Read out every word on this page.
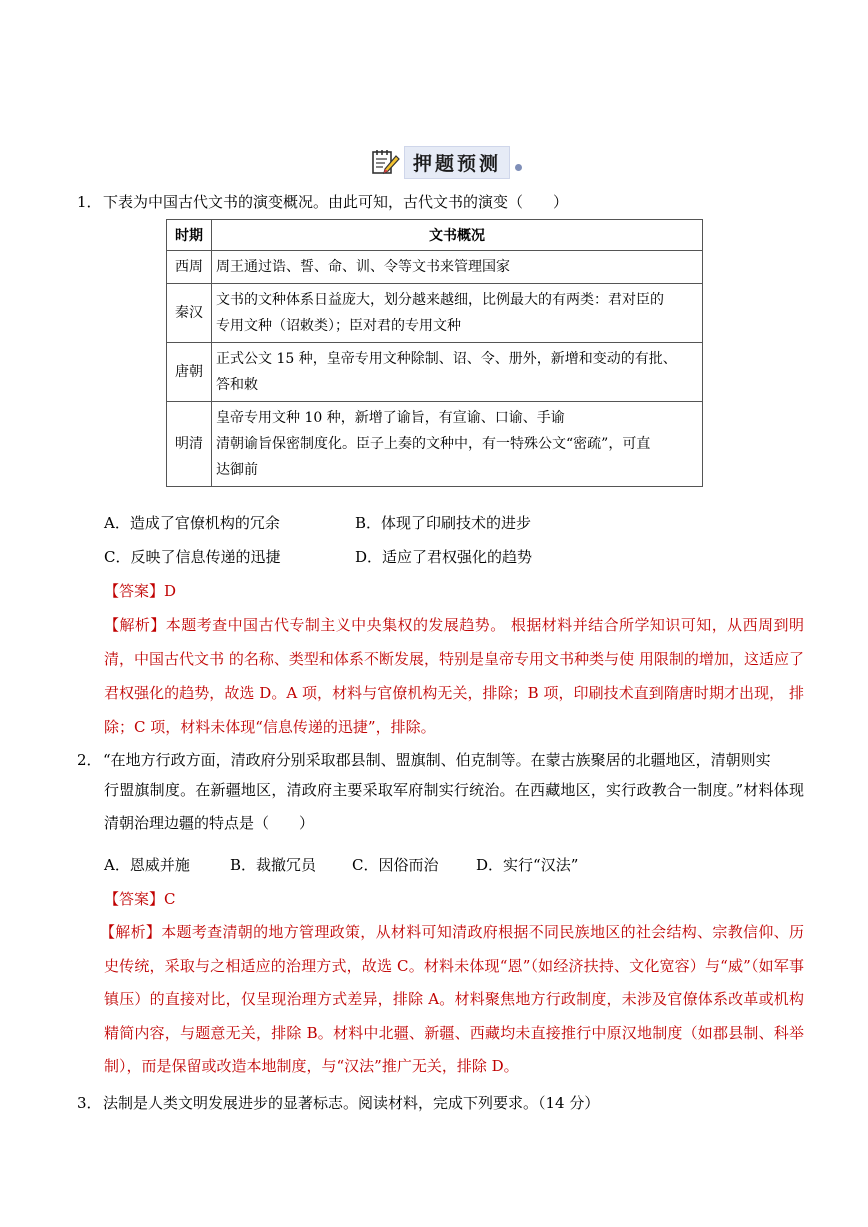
押题预测
1．下表为中国古代文书的演变概况。由此可知，古代文书的演变（　　）
时期	文书概况
西周	周王通过诰、誓、命、训、令等文书来管理国家

秦汉	文书的文种体系日益庞大，划分越来越细，比例最大的有两类：君对臣的
专用文种（诏敕类）；臣对君的专用文种

唐朝	正式公文 15 种，皇帝专用文种除制、诏、令、册外，新增和变动的有批、
答和敕

明清	皇帝专用文种 10 种，新增了谕旨，有宣谕、口谕、手谕
清朝谕旨保密制度化。臣子上奏的文种中，有一特殊公文“密疏”，可直
达御前
A．造成了官僚机构的冗余	B．体现了印刷技术的进步
C．反映了信息传递的迅捷	D．适应了君权强化的趋势
【答案】D
【解析】本题考查中国古代专制主义中央集权的发展趋势。 根据材料并结合所学知识可知，从西周到明清，中国古代文书 的名称、类型和体系不断发展，特别是皇帝专用文书种类与使 用限制的增加，这适应了君权强化的趋势，故选 D。A 项，材料与官僚机构无关，排除；B 项，印刷技术直到隋唐时期才出现， 排除；C 项，材料未体现“信息传递的迅捷”，排除。
2．“在地方行政方面，清政府分别采取郡县制、盟旗制、伯克制等。在蒙古族聚居的北疆地区，清朝则实
行盟旗制度。在新疆地区，清政府主要采取军府制实行统治。在西藏地区，实行政教合一制度。”材料体现清朝治理边疆的特点是（　　）
A．恩威并施	B．裁撤冗员	C．因俗而治	D．实行“汉法”
【答案】C
【解析】本题考查清朝的地方管理政策，从材料可知清政府根据不同民族地区的社会结构、宗教信仰、历史传统，采取与之相适应的治理方式，故选 C。材料未体现“恩”（如经济扶持、文化宽容）与“威”（如军事镇压）的直接对比，仅呈现治理方式差异，排除 A。材料聚焦地方行政制度，未涉及官僚体系改革或机构精简内容，与题意无关，排除 B。材料中北疆、新疆、西藏均未直接推行中原汉地制度（如郡县制、科举制），而是保留或改造本地制度，与“汉法”推广无关，排除 D。
3．法制是人类文明发展进步的显著标志。阅读材料，完成下列要求。（14 分）
